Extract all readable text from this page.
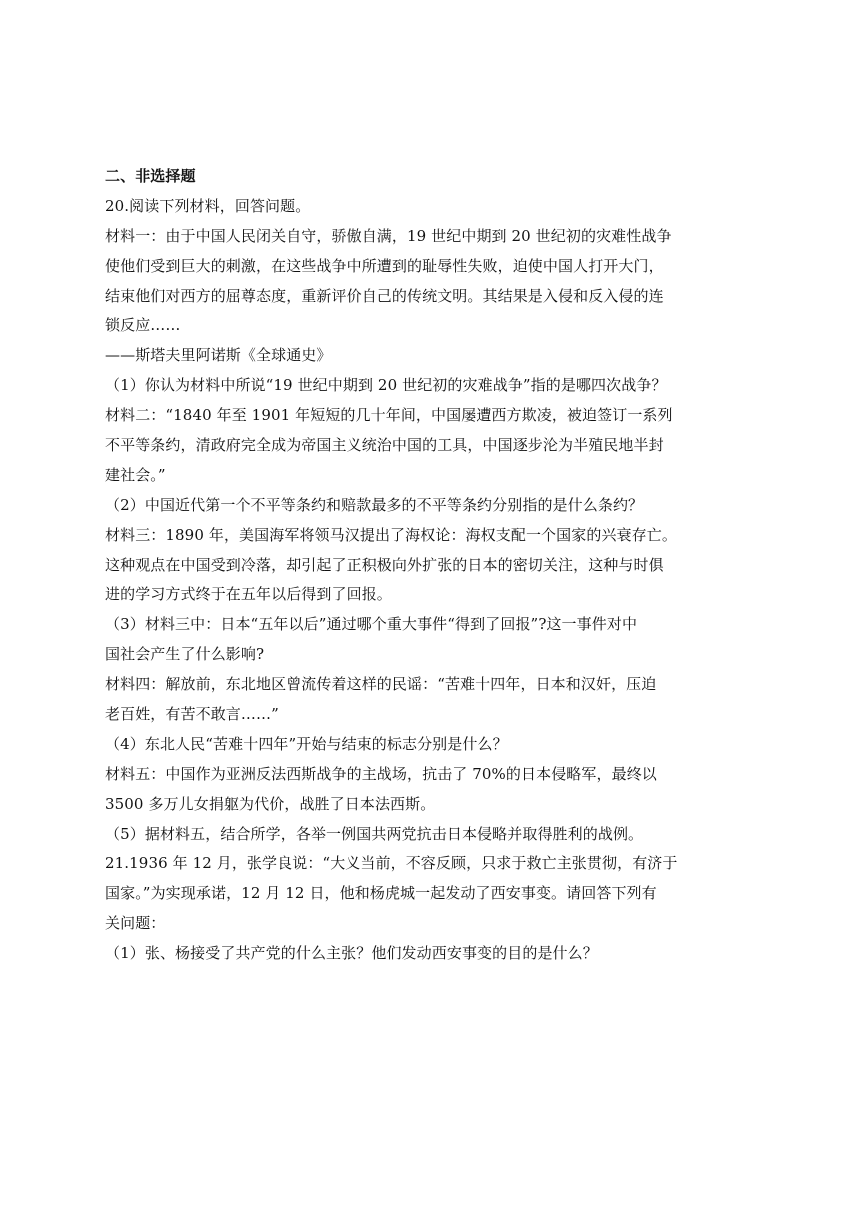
二、非选择题
20.阅读下列材料，回答问题。
材料一：由于中国人民闭关自守，骄傲自满，19 世纪中期到 20 世纪初的灾难性战争
使他们受到巨大的刺激，在这些战争中所遭到的耻辱性失败，迫使中国人打开大门，
结束他们对西方的屈尊态度，重新评价自己的传统文明。其结果是入侵和反入侵的连
锁反应……
——斯塔夫里阿诺斯《全球通史》
（1）你认为材料中所说“19 世纪中期到 20 世纪初的灾难战争”指的是哪四次战争？
材料二：“1840 年至 1901 年短短的几十年间，中国屡遭西方欺凌，被迫签订一系列
不平等条约，清政府完全成为帝国主义统治中国的工具，中国逐步沦为半殖民地半封
建社会。”
（2）中国近代第一个不平等条约和赔款最多的不平等条约分别指的是什么条约？
材料三：1890 年，美国海军将领马汉提出了海权论：海权支配一个国家的兴衰存亡。
这种观点在中国受到冷落，却引起了正积极向外扩张的日本的密切关注，这种与时俱
进的学习方式终于在五年以后得到了回报。
（3）材料三中：日本“五年以后”通过哪个重大事件“得到了回报”?这一事件对中
国社会产生了什么影响?
材料四：解放前，东北地区曾流传着这样的民谣：“苦难十四年，日本和汉奸，压迫
老百姓，有苦不敢言……”
（4）东北人民“苦难十四年”开始与结束的标志分别是什么？
材料五：中国作为亚洲反法西斯战争的主战场，抗击了 70%的日本侵略军，最终以
3500 多万儿女捐躯为代价，战胜了日本法西斯。
（5）据材料五，结合所学，各举一例国共两党抗击日本侵略并取得胜利的战例。
21.1936 年 12 月，张学良说：“大义当前，不容反顾，只求于救亡主张贯彻，有济于
国家。”为实现承诺，12 月 12 日，他和杨虎城一起发动了西安事变。请回答下列有
关问题：
（1）张、杨接受了共产党的什么主张？他们发动西安事变的目的是什么？
